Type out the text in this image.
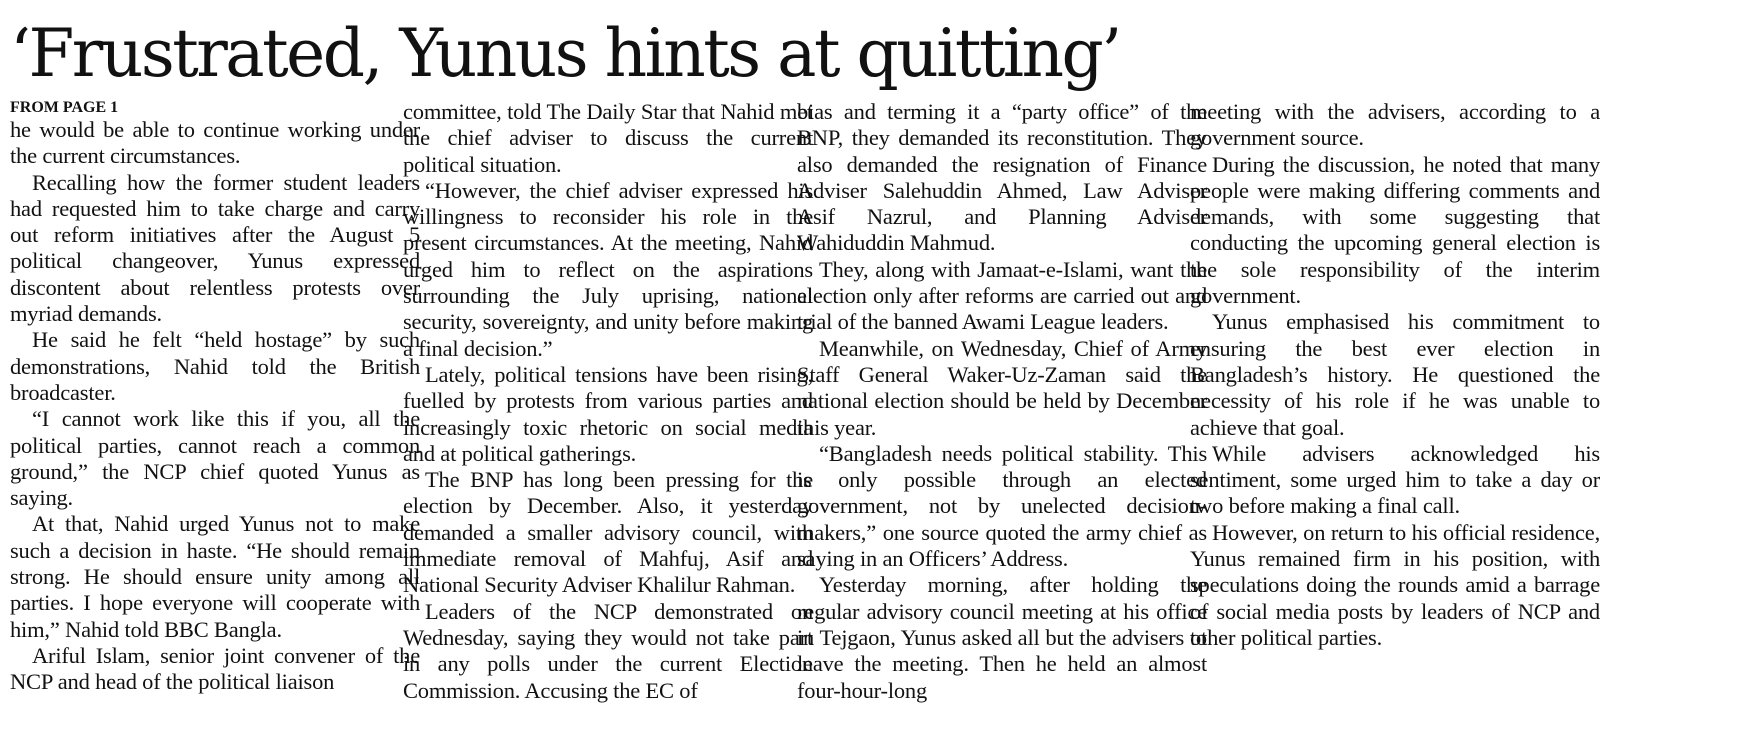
‘Frustrated, Yunus hints at quitting’
FROM PAGE 1

he would be able to continue working under the current circumstances.

Recalling how the former student leaders had requested him to take charge and carry out reform initiatives after the August 5 political changeover, Yunus expressed discontent about relentless protests over myriad demands.

He said he felt “held hostage” by such demonstrations, Nahid told the British broadcaster.

“I cannot work like this if you, all the political parties, cannot reach a common ground,” the NCP chief quoted Yunus as saying.

At that, Nahid urged Yunus not to make such a decision in haste. “He should remain strong. He should ensure unity among all parties. I hope everyone will cooperate with him,” Nahid told BBC Bangla.

Ariful Islam, senior joint convener of the NCP and head of the political liaison

committee, told The Daily Star that Nahid met the chief adviser to discuss the current political situation.

“However, the chief adviser expressed his willingness to reconsider his role in the present circumstances. At the meeting, Nahid urged him to reflect on the aspirations surrounding the July uprising, national security, sovereignty, and unity before making a final decision.”

Lately, political tensions have been rising, fuelled by protests from various parties and increasingly toxic rhetoric on social media and at political gatherings.

The BNP has long been pressing for the election by December. Also, it yesterday demanded a smaller advisory council, with immediate removal of Mahfuj, Asif and National Security Adviser Khalilur Rahman.

Leaders of the NCP demonstrated on Wednesday, saying they would not take part in any polls under the current Election Commission. Accusing the EC of

bias and terming it a “party office” of the BNP, they demanded its reconstitution. They also demanded the resignation of Finance Adviser Salehuddin Ahmed, Law Adviser Asif Nazrul, and Planning Adviser Wahiduddin Mahmud.

They, along with Jamaat-e-Islami, want the election only after reforms are carried out and trial of the banned Awami League leaders.

Meanwhile, on Wednesday, Chief of Army Staff General Waker-Uz-Zaman said the national election should be held by December this year.

“Bangladesh needs political stability. This is only possible through an elected government, not by unelected decision-makers,” one source quoted the army chief as saying in an Officers’ Address.

Yesterday morning, after holding the regular advisory council meeting at his office in Tejgaon, Yunus asked all but the advisers to leave the meeting. Then he held an almost four-hour-long

meeting with the advisers, according to a government source.

During the discussion, he noted that many people were making differing comments and demands, with some suggesting that conducting the upcoming general election is the sole responsibility of the interim government.

Yunus emphasised his commitment to ensuring the best ever election in Bangladesh’s history. He questioned the necessity of his role if he was unable to achieve that goal.

While advisers acknowledged his sentiment, some urged him to take a day or two before making a final call.

However, on return to his official residence, Yunus remained firm in his position, with speculations doing the rounds amid a barrage of social media posts by leaders of NCP and other political parties.
